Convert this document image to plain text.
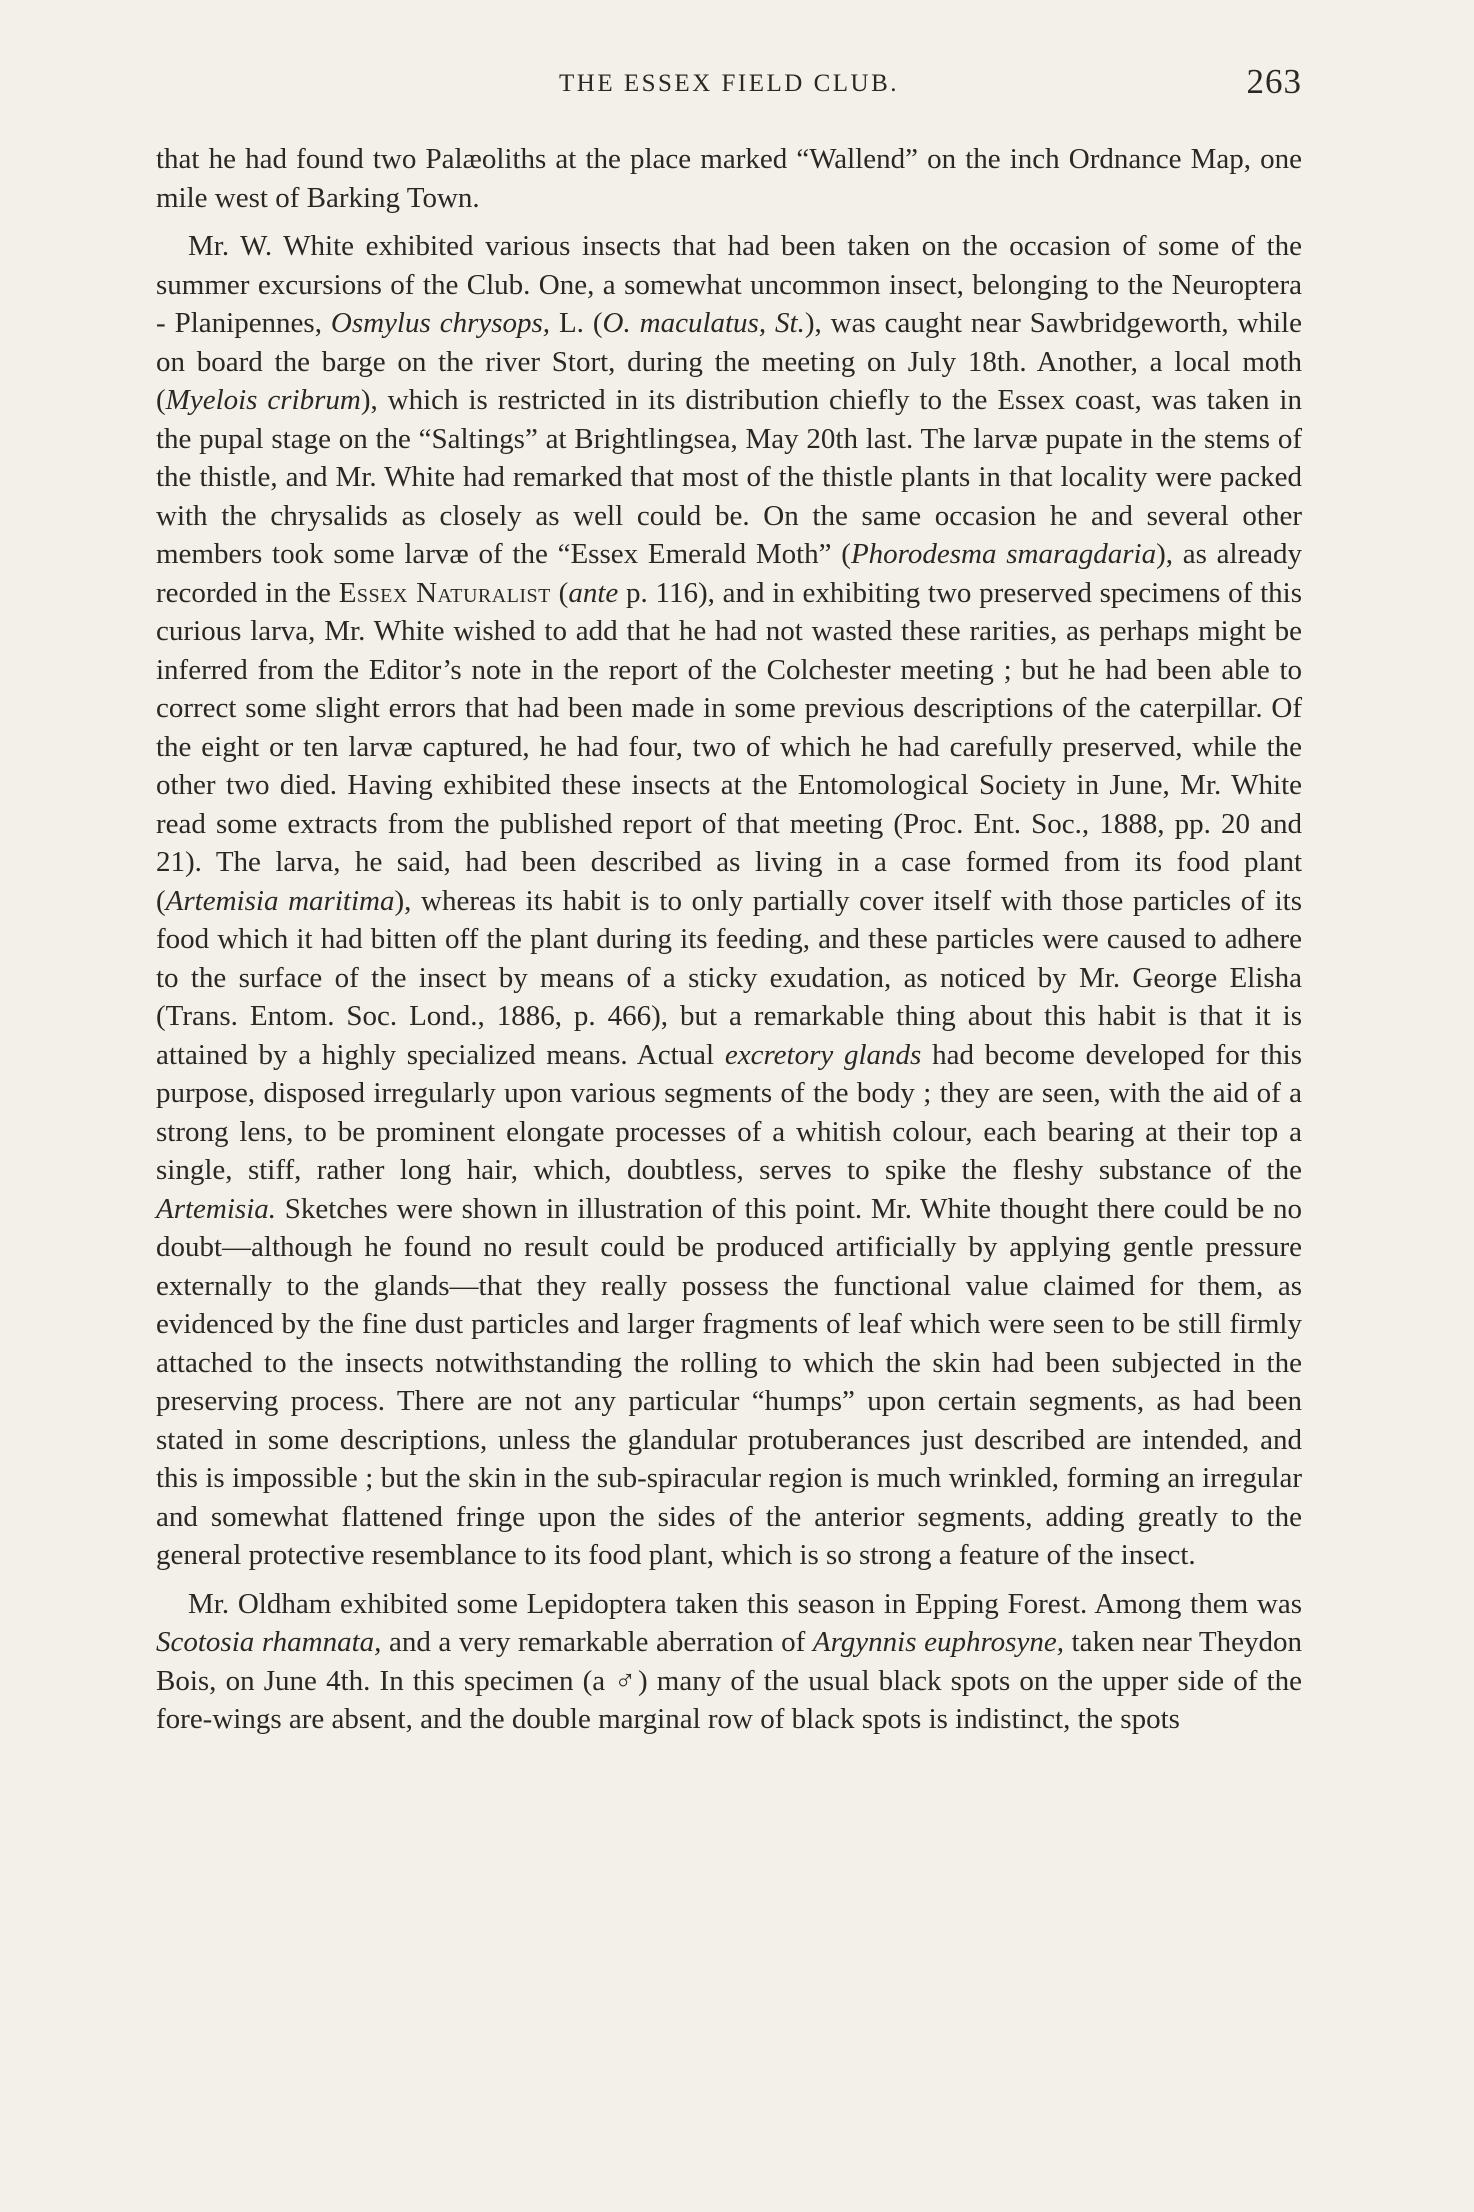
THE ESSEX FIELD CLUB.	263

that he had found two Palæoliths at the place marked “Wallend” on the inch Ordnance Map, one mile west of Barking Town.

Mr. W. White exhibited various insects that had been taken on the occasion of some of the summer excursions of the Club. One, a somewhat uncommon insect, belonging to the Neuroptera - Planipennes, Osmylus chrysops, L. (O. maculatus, St.), was caught near Sawbridgeworth, while on board the barge on the river Stort, during the meeting on July 18th. Another, a local moth (Myelois cribrum), which is restricted in its distribution chiefly to the Essex coast, was taken in the pupal stage on the “Saltings” at Brightlingsea, May 20th last. The larvæ pupate in the stems of the thistle, and Mr. White had remarked that most of the thistle plants in that locality were packed with the chrysalids as closely as well could be. On the same occasion he and several other members took some larvæ of the “Essex Emerald Moth” (Phorodesma smaragdaria), as already recorded in the Essex Naturalist (ante p. 116), and in exhibiting two preserved specimens of this curious larva, Mr. White wished to add that he had not wasted these rarities, as perhaps might be inferred from the Editor’s note in the report of the Colchester meeting ; but he had been able to correct some slight errors that had been made in some previous descriptions of the caterpillar. Of the eight or ten larvæ captured, he had four, two of which he had carefully preserved, while the other two died. Having exhibited these insects at the Entomological Society in June, Mr. White read some extracts from the published report of that meeting (Proc. Ent. Soc., 1888, pp. 20 and 21). The larva, he said, had been described as living in a case formed from its food plant (Artemisia maritima), whereas its habit is to only partially cover itself with those particles of its food which it had bitten off the plant during its feeding, and these particles were caused to adhere to the surface of the insect by means of a sticky exudation, as noticed by Mr. George Elisha (Trans. Entom. Soc. Lond., 1886, p. 466), but a remarkable thing about this habit is that it is attained by a highly specialized means. Actual excretory glands had become developed for this purpose, disposed irregularly upon various segments of the body ; they are seen, with the aid of a strong lens, to be prominent elongate processes of a whitish colour, each bearing at their top a single, stiff, rather long hair, which, doubtless, serves to spike the fleshy substance of the Artemisia. Sketches were shown in illustration of this point. Mr. White thought there could be no doubt—although he found no result could be produced artificially by applying gentle pressure externally to the glands—that they really possess the functional value claimed for them, as evidenced by the fine dust particles and larger fragments of leaf which were seen to be still firmly attached to the insects notwithstanding the rolling to which the skin had been subjected in the preserving process. There are not any particular “humps” upon certain segments, as had been stated in some descriptions, unless the glandular protuberances just described are intended, and this is impossible ; but the skin in the sub-spiracular region is much wrinkled, forming an irregular and somewhat flattened fringe upon the sides of the anterior segments, adding greatly to the general protective resemblance to its food plant, which is so strong a feature of the insect.

Mr. Oldham exhibited some Lepidoptera taken this season in Epping Forest. Among them was Scotosia rhamnata, and a very remarkable aberration of Argynnis euphrosyne, taken near Theydon Bois, on June 4th. In this specimen (a ♂) many of the usual black spots on the upper side of the fore-wings are absent, and the double marginal row of black spots is indistinct, the spots
